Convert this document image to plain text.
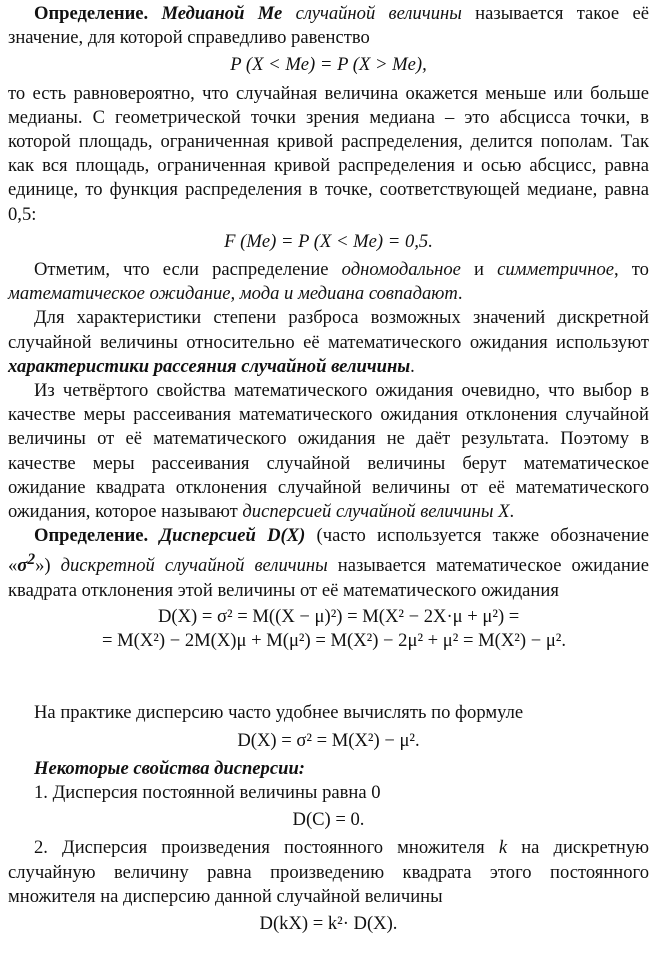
Определение. Медианой Ме случайной величины называется такое её значение, для которой справедливо равенство

P (X < Me) = P (X > Me),

то есть равновероятно, что случайная величина окажется меньше или больше медианы. С геометрической точки зрения медиана – это абсцисса точки, в которой площадь, ограниченная кривой распределения, делится пополам. Так как вся площадь, ограниченная кривой распределения и осью абсцисс, равна единице, то функция распределения в точке, соответствующей медиане, равна 0,5:

F (Me) = P (X < Me) = 0,5.

Отметим, что если распределение одномодальное и симметричное, то математическое ожидание, мода и медиана совпадают.

Для характеристики степени разброса возможных значений дискретной случайной величины относительно её математического ожидания используют характеристики рассеяния случайной величины.

Из четвёртого свойства математического ожидания очевидно, что выбор в качестве меры рассеивания математического ожидания отклонения случайной величины от её математического ожидания не даёт результата. Поэтому в качестве меры рассеивания случайной величины берут математическое ожидание квадрата отклонения случайной величины от её математического ожидания, которое называют дисперсией случайной величины X.

Определение. Дисперсией D(X) (часто используется также обозначение «$\sigma^2$») дискретной случайной величины называется математическое ожидание квадрата отклонения этой величины от её математического ожидания

D(X) = σ² = M((X − μ)²) = M(X² − 2X·μ + μ²) =

= M(X²) − 2M(X)μ + M(μ²) = M(X²) − 2μ² + μ² = M(X²) − μ².

На практике дисперсию часто удобнее вычислять по формуле

D(X) = σ² = M(X²) − μ².

Некоторые свойства дисперсии:

1. Дисперсия постоянной величины равна 0

D(C) = 0.

2. Дисперсия произведения постоянного множителя k на дискретную случайную величину равна произведению квадрата этого постоянного множителя на дисперсию данной случайной величины

D(kX) = k²· D(X).
